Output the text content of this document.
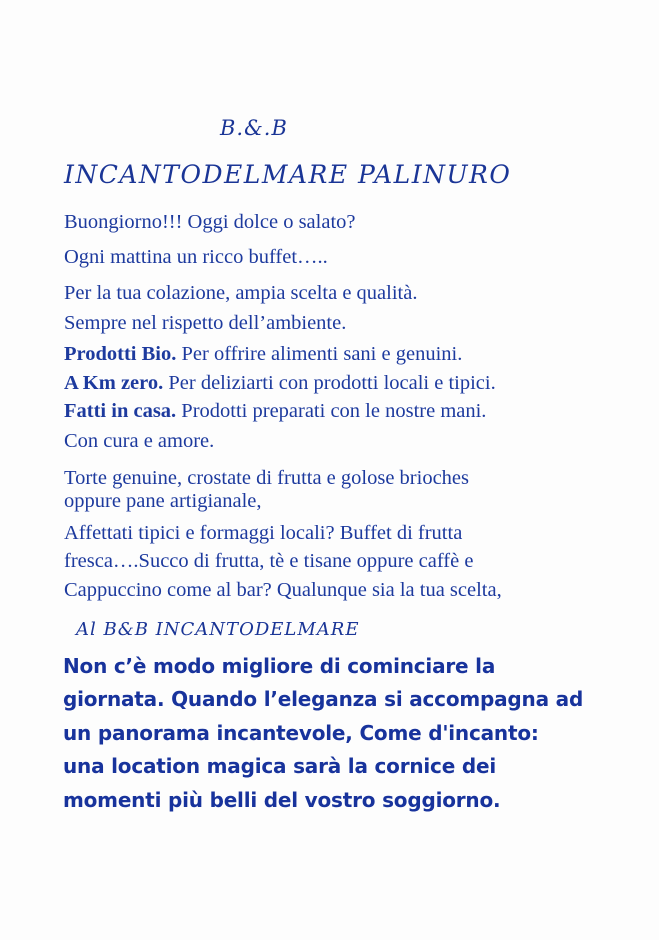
B.&.B
INCANTODELMARE PALINURO
Buongiorno!!! Oggi dolce o salato?
Ogni mattina un ricco buffet…..
Per la tua colazione, ampia scelta e qualità.
Sempre nel rispetto dell’ambiente.
Prodotti Bio. Per offrire alimenti sani e genuini.
A Km zero. Per deliziarti con prodotti locali e tipici.
Fatti in casa. Prodotti preparati con le nostre mani.
Con cura e amore.
Torte genuine, crostate di frutta e golose brioches
oppure pane artigianale,
Affettati tipici e formaggi locali? Buffet di frutta
fresca….Succo di frutta, tè e tisane oppure caffè e
Cappuccino come al bar? Qualunque sia la tua scelta,
Al B&B INCANTODELMARE
Non c’è modo migliore di cominciare la
giornata. Quando l’eleganza si accompagna ad
un panorama incantevole, Come d'incanto:
una location magica sarà la cornice dei
momenti più belli del vostro soggiorno.
